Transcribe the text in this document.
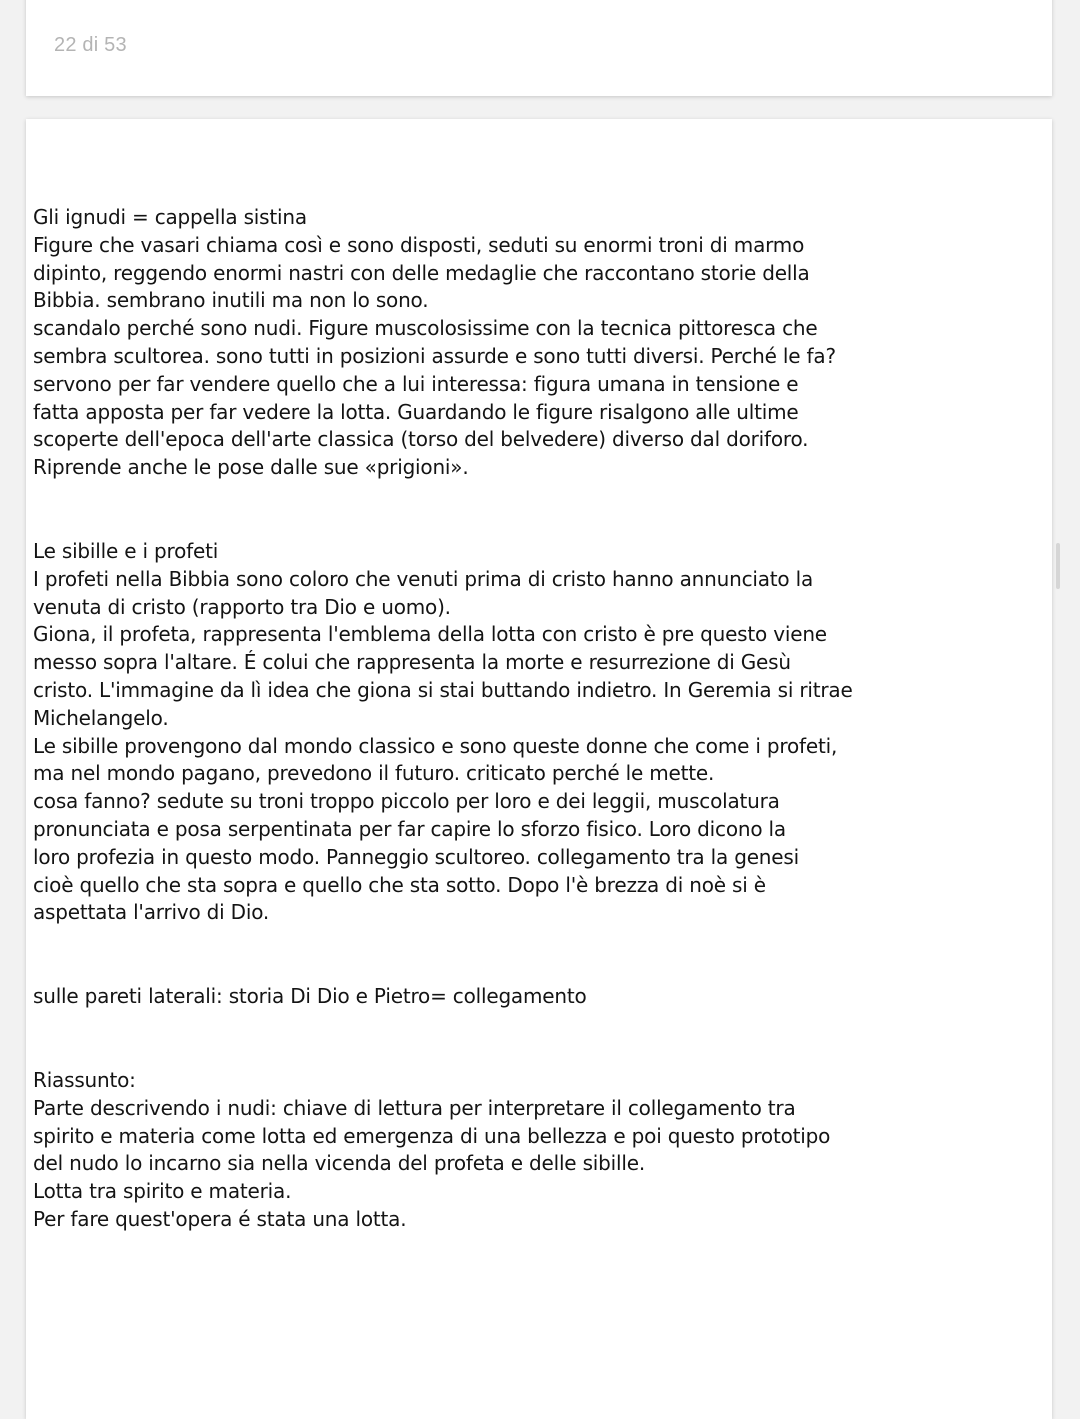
22 di 53

Gli ignudi = cappella sistina

Figure che vasari chiama così e sono disposti, seduti su enormi troni di marmo

dipinto, reggendo enormi nastri con delle medaglie che raccontano storie della

Bibbia. sembrano inutili ma non lo sono.

scandalo perché sono nudi. Figure muscolosissime con la tecnica pittoresca che

sembra scultorea. sono tutti in posizioni assurde e sono tutti diversi. Perché le fa?

servono per far vendere quello che a lui interessa: figura umana in tensione e

fatta apposta per far vedere la lotta. Guardando le figure risalgono alle ultime

scoperte dell'epoca dell'arte classica (torso del belvedere) diverso dal doriforo.

Riprende anche le pose dalle sue «prigioni».

Le sibille e i profeti

I profeti nella Bibbia sono coloro che venuti prima di cristo hanno annunciato la

venuta di cristo (rapporto tra Dio e uomo).

Giona, il profeta, rappresenta l'emblema della lotta con cristo è pre questo viene

messo sopra l'altare. É colui che rappresenta la morte e resurrezione di Gesù

cristo. L'immagine da lì idea che giona si stai buttando indietro. In Geremia si ritrae

Michelangelo.

Le sibille provengono dal mondo classico e sono queste donne che come i profeti,

ma nel mondo pagano, prevedono il futuro. criticato perché le mette.

cosa fanno? sedute su troni troppo piccolo per loro e dei leggii, muscolatura

pronunciata e posa serpentinata per far capire lo sforzo fisico. Loro dicono la

loro profezia in questo modo. Panneggio scultoreo. collegamento tra la genesi

cioè quello che sta sopra e quello che sta sotto. Dopo l'è brezza di noè si è

aspettata l'arrivo di Dio.

sulle pareti laterali: storia Di Dio e Pietro= collegamento

Riassunto:

Parte descrivendo i nudi: chiave di lettura per interpretare il collegamento tra

spirito e materia come lotta ed emergenza di una bellezza e poi questo prototipo

del nudo lo incarno sia nella vicenda del profeta e delle sibille.

Lotta tra spirito e materia.

Per fare quest'opera é stata una lotta.
